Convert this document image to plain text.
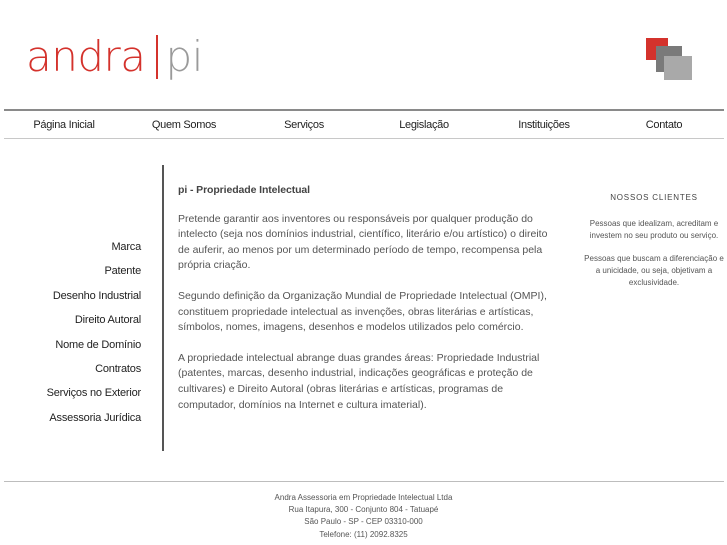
andra pi
Página Inicial	Quem Somos	Serviços	Legislação	Instituições	Contato
Marca
Patente
Desenho Industrial
Direito Autoral
Nome de Domínio
Contratos
Serviços no Exterior
Assessoria Jurídica
pi - Propriedade Intelectual

Pretende garantir aos inventores ou responsáveis por qualquer produção do intelecto (seja nos domínios industrial, científico, literário e/ou artístico) o direito de auferir, ao menos por um determinado período de tempo, recompensa pela própria criação.

Segundo definição da Organização Mundial de Propriedade Intelectual (OMPI), constituem propriedade intelectual as invenções, obras literárias e artísticas, símbolos, nomes, imagens, desenhos e modelos utilizados pelo comércio.

A propriedade intelectual abrange duas grandes áreas: Propriedade Industrial (patentes, marcas, desenho industrial, indicações geográficas e proteção de cultivares) e Direito Autoral (obras literárias e artísticas, programas de computador, domínios na Internet e cultura imaterial).

NOSSOS CLIENTES

Pessoas que idealizam, acreditam e investem no seu produto ou serviço.

Pessoas que buscam a diferenciação e a unicidade, ou seja, objetivam a exclusividade.

Andra Assessoria em Propriedade Intelectual Ltda
Rua Itapura, 300 - Conjunto 804 - Tatuapé
São Paulo - SP - CEP 03310-000
Telefone: (11) 2092.8325
